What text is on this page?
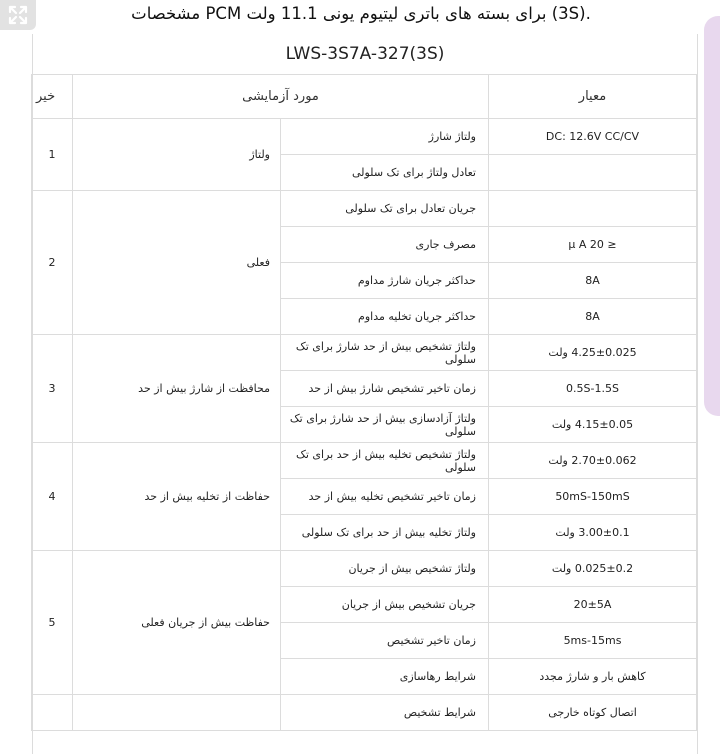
.(3S) برای بسته های باتری لیتیوم یونی 11.1 ولت PCM مشخصات
LWS-3S7A-327(3S)
معیار	مورد آزمایشی		خیر
DC: 12.6V CC/CV	ولتاژ شارژ	ولتاژ	1
	تعادل ولتاژ برای تک سلولی		
	جریان تعادل برای تک سلولی	فعلی	2
≤ 20 μ A	مصرف جاری		
8A	حداکثر جریان شارژ مداوم		
8A	حداکثر جریان تخلیه مداوم		
4.25±0.025 ولت	ولتاژ تشخیص بیش از حد شارژ برای تک سلولی	محافظت از شارژ بیش از حد	3
0.5S-1.5S	زمان تاخیر تشخیص شارژ بیش از حد		
4.15±0.05 ولت	ولتاژ آزادسازی بیش از حد شارژ برای تک سلولی		
2.70±0.062 ولت	ولتاژ تشخیص تخلیه بیش از حد برای تک سلولی	حفاظت از تخلیه بیش از حد	4
50mS-150mS	زمان تاخیر تشخیص تخلیه بیش از حد		
3.00±0.1 ولت	ولتاژ تخلیه بیش از حد برای تک سلولی		
0.025±0.2 ولت	ولتاژ تشخیص بیش از جریان	حفاظت بیش از جریان فعلی	5
20±5A	جریان تشخیص بیش از جریان		
5ms-15ms	زمان تاخیر تشخیص		
کاهش بار و شارژ مجدد	شرایط رهاسازی		
اتصال کوتاه خارجی	شرایط تشخیص		
